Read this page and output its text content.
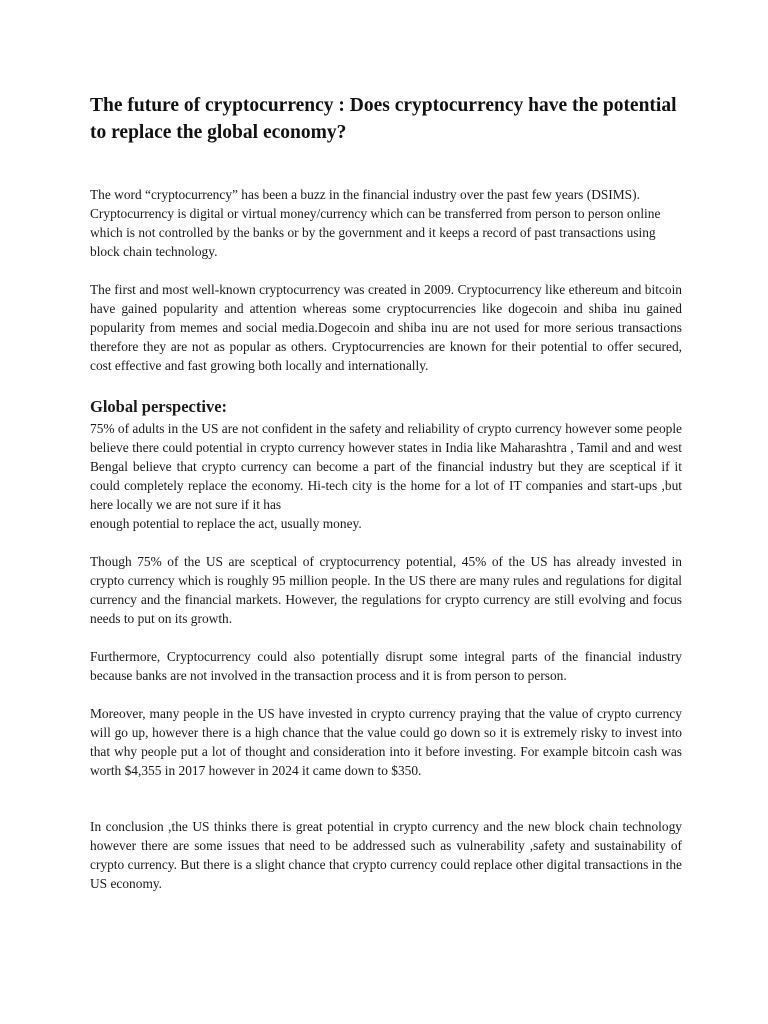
The future of cryptocurrency : Does cryptocurrency have the potential to replace the global economy?

The word “cryptocurrency” has been a buzz in the financial industry over the past few years (DSIMS). Cryptocurrency is digital or virtual money/currency which can be transferred from person to person online which is not controlled by the banks or by the government and it keeps a record of past transactions using block chain technology.

The first and most well-known cryptocurrency was created in 2009. Cryptocurrency like ethereum and bitcoin have gained popularity and attention whereas some cryptocurrencies like dogecoin and shiba inu gained popularity from memes and social media.Dogecoin and shiba inu are not used for more serious transactions therefore they are not as popular as others. Cryptocurrencies are known for their potential to offer secured, cost effective and fast growing both locally and internationally.

Global perspective:

75% of adults in the US are not confident in the safety and reliability of crypto currency however some people believe there could potential in crypto currency however states in India like Maharashtra , Tamil and and west Bengal believe that crypto currency can become a part of the financial industry but they are sceptical if it could completely replace the economy. Hi-tech city is the home for a lot of IT companies and start-ups ,but here locally we are not sure if it has

enough potential to replace the act, usually money.

Though 75% of the US are sceptical of cryptocurrency potential, 45% of the US has already invested in crypto currency which is roughly 95 million people. In the US there are many rules and regulations for digital currency and the financial markets. However, the regulations for crypto currency are still evolving and focus needs to put on its growth.

Furthermore, Cryptocurrency could also potentially disrupt some integral parts of the financial industry because banks are not involved in the transaction process and it is from person to person.

Moreover, many people in the US have invested in crypto currency praying that the value of crypto currency will go up, however there is a high chance that the value could go down so it is extremely risky to invest into that why people put a lot of thought and consideration into it before investing. For example bitcoin cash was worth $4,355 in 2017 however in 2024 it came down to $350.

In conclusion ,the US thinks there is great potential in crypto currency and the new block chain technology however there are some issues that need to be addressed such as vulnerability ,safety and sustainability of crypto currency. But there is a slight chance that crypto currency could replace other digital transactions in the US economy.
